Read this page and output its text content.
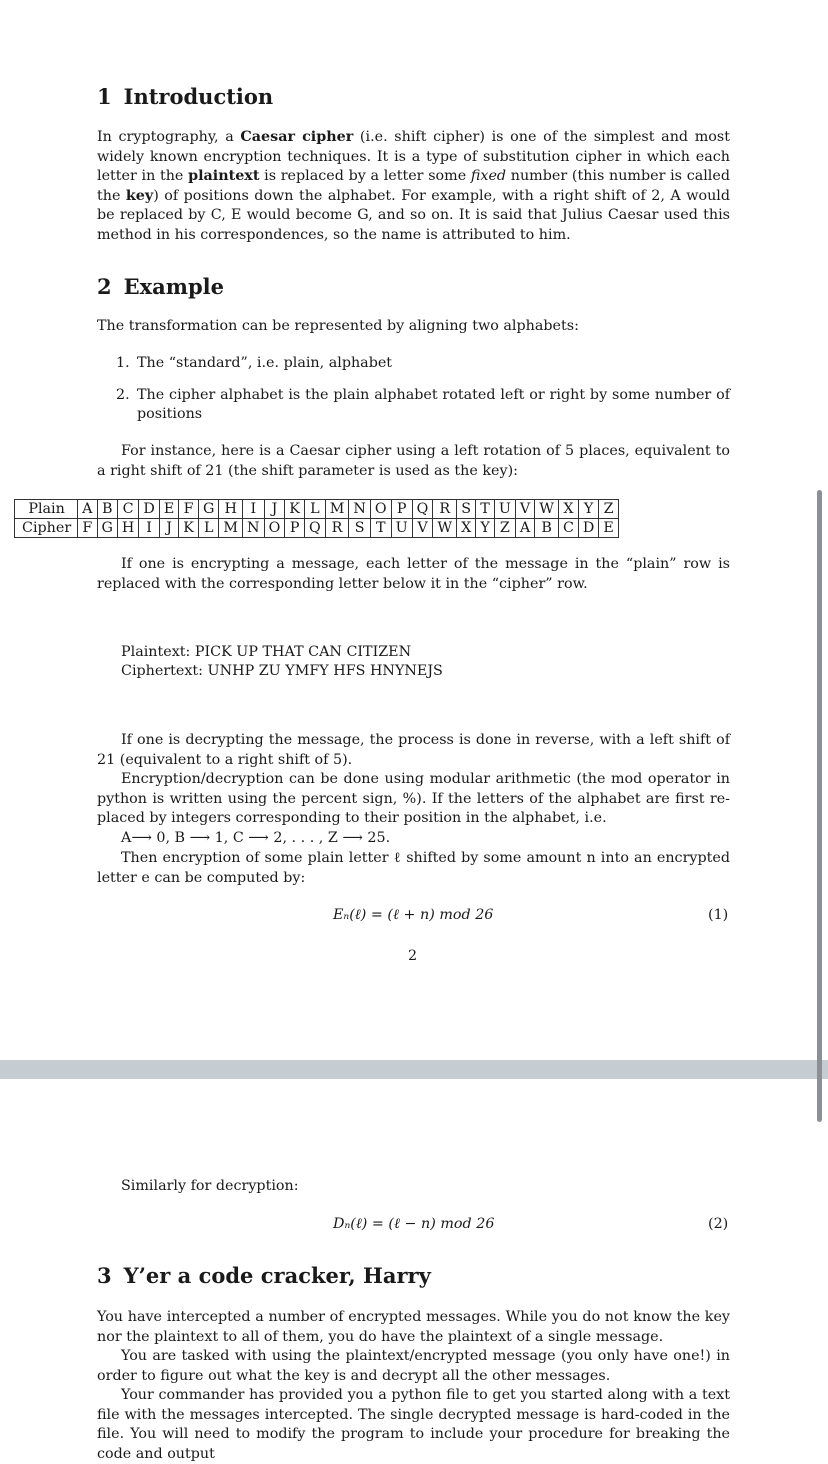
1 Introduction

In cryptography, a Caesar cipher (i.e. shift cipher) is one of the simplest and most widely known encryption techniques. It is a type of substitution cipher in which each letter in the plaintext is replaced by a letter some fixed number (this number is called the key) of positions down the alphabet. For example, with a right shift of 2, A would be replaced by C, E would become G, and so on. It is said that Julius Caesar used this method in his correspondences, so the name is attributed to him.

2 Example

The transformation can be represented by aligning two alphabets:

1. The “standard”, i.e. plain, alphabet
2. The cipher alphabet is the plain alphabet rotated left or right by some number of positions

For instance, here is a Caesar cipher using a left rotation of 5 places, equivalent to a right shift of 21 (the shift parameter is used as the key):

Plain	A	B	C	D	E	F	G	H	I	J	K	L	M	N	O	P	Q	R	S	T	U	V	W	X	Y	Z
Cipher	F	G	H	I	J	K	L	M	N	O	P	Q	R	S	T	U	V	W	X	Y	Z	A	B	C	D	E

If one is encrypting a message, each letter of the message in the “plain” row is replaced with the corresponding letter below it in the “cipher” row.

Plaintext: PICK UP THAT CAN CITIZEN
Ciphertext: UNHP ZU YMFY HFS HNYNEJS

If one is decrypting the message, the process is done in reverse, with a left shift of 21 (equivalent to a right shift of 5).

Encryption/decryption can be done using modular arithmetic (the mod operator in python is written using the percent sign, %). If the letters of the alphabet are first re-placed by integers corresponding to their position in the alphabet, i.e.

A⟶ 0, B ⟶ 1, C ⟶ 2, . . . , Z ⟶ 25.

Then encryption of some plain letter ℓ shifted by some amount n into an encrypted letter e can be computed by:

Eₙ(ℓ) = (ℓ + n) mod 26	(1)
2
Similarly for decryption:
Dₙ(ℓ) = (ℓ − n) mod 26	(2)
3 Y’er a code cracker, Harry

You have intercepted a number of encrypted messages. While you do not know the key nor the plaintext to all of them, you do have the plaintext of a single message.

You are tasked with using the plaintext/encrypted message (you only have one!) in order to figure out what the key is and decrypt all the other messages.

Your commander has provided you a python file to get you started along with a text file with the messages intercepted. The single decrypted message is hard-coded in the file. You will need to modify the program to include your procedure for breaking the code and output
